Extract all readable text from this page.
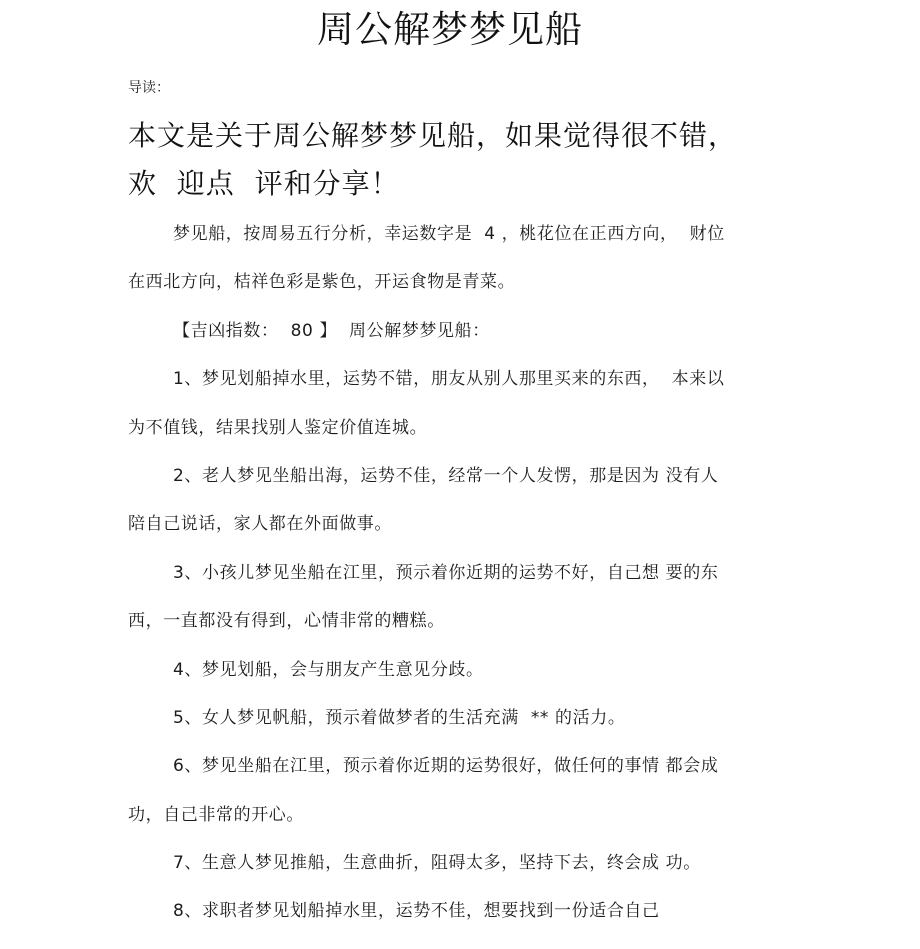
周公解梦梦见船
导读：
本文是关于周公解梦梦见船，如果觉得很不错，
欢  迎点  评和分享！
梦见船，按周易五行分析，幸运数字是  4 ，桃花位在正西方向，  财位
在西北方向，桔祥色彩是紫色，开运食物是青菜。
【吉凶指数：  80 】  周公解梦梦见船：
1、梦见划船掉水里，运势不错，朋友从别人那里买来的东西，  本来以
为不值钱，结果找别人鉴定价值连城。
2、老人梦见坐船出海，运势不佳，经常一个人发愣，那是因为 没有人
陪自己说话，家人都在外面做事。
3、小孩儿梦见坐船在江里，预示着你近期的运势不好，自己想 要的东
西，一直都没有得到，心情非常的糟糕。
4、梦见划船，会与朋友产生意见分歧。
5、女人梦见帆船，预示着做梦者的生活充满  ** 的活力。
6、梦见坐船在江里，预示着你近期的运势很好，做任何的事情 都会成
功，自己非常的开心。
7、生意人梦见推船，生意曲折，阻碍太多，坚持下去，终会成 功。
8、求职者梦见划船掉水里，运势不佳，想要找到一份适合自己
